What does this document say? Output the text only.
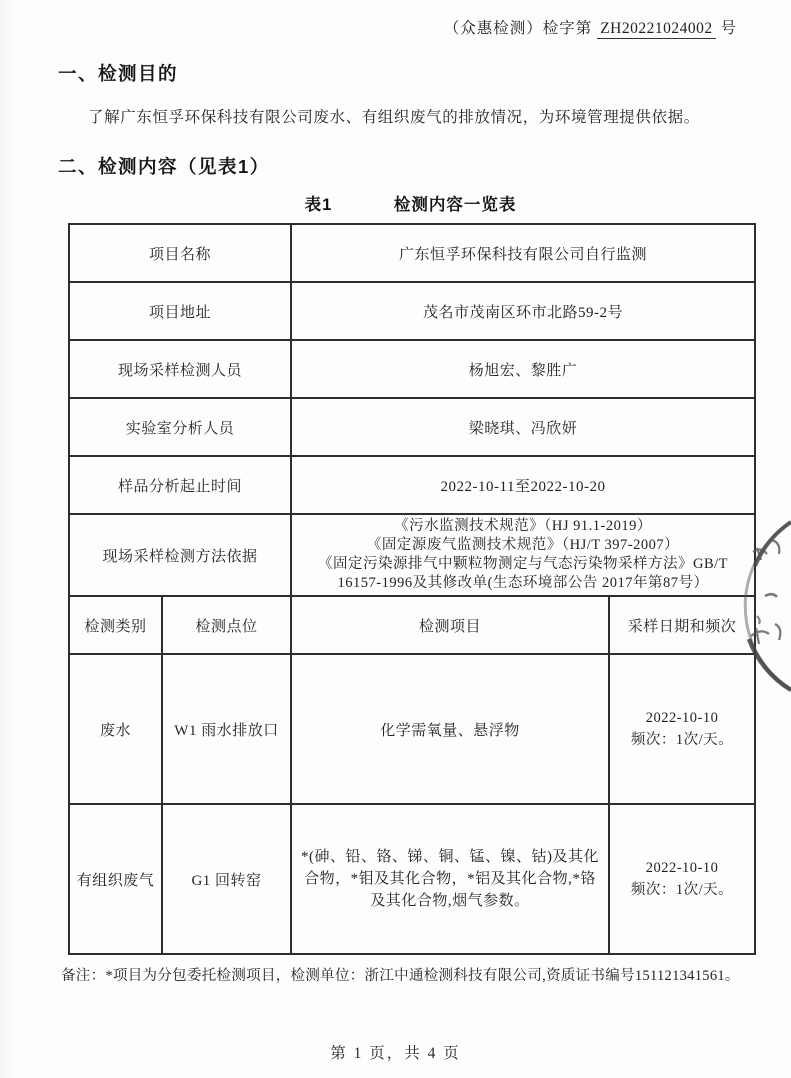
（众惠检测）检字第 ZH20221024002 号
一、检测目的
了解广东恒孚环保科技有限公司废水、有组织废气的排放情况，为环境管理提供依据。
二、检测内容（见表1）
表1	检测内容一览表
项目名称		广东恒孚环保科技有限公司自行监测	
项目地址		茂名市茂南区环市北路59-2号	
现场采样检测人员		杨旭宏、黎胜广	
实验室分析人员		梁晓琪、冯欣妍	
样品分析起止时间		2022-10-11至2022-10-20	
现场采样检测方法依据		《污水监测技术规范》（HJ 91.1-2019）
《固定源废气监测技术规范》（HJ/T 397-2007）
《固定污染源排气中颗粒物测定与气态污染物采样方法》GB/T 16157-1996及其修改单(生态环境部公告 2017年第87号）	

检测类别	检测点位	检测项目	采样日期和频次
废水	W1 雨水排放口	化学需氧量、悬浮物	2022-10-10
频次：1次/天。

有组织废气	G1 回转窑	*(砷、铅、铬、锑、铜、锰、镍、钴)及其化合物，*钼及其化合物，*铝及其化合物,*铬及其化合物,烟气参数。	2022-10-10
频次：1次/天。
备注：*项目为分包委托检测项目，检测单位：浙江中通检测科技有限公司,资质证书编号151121341561。
第 1 页，共 4 页
